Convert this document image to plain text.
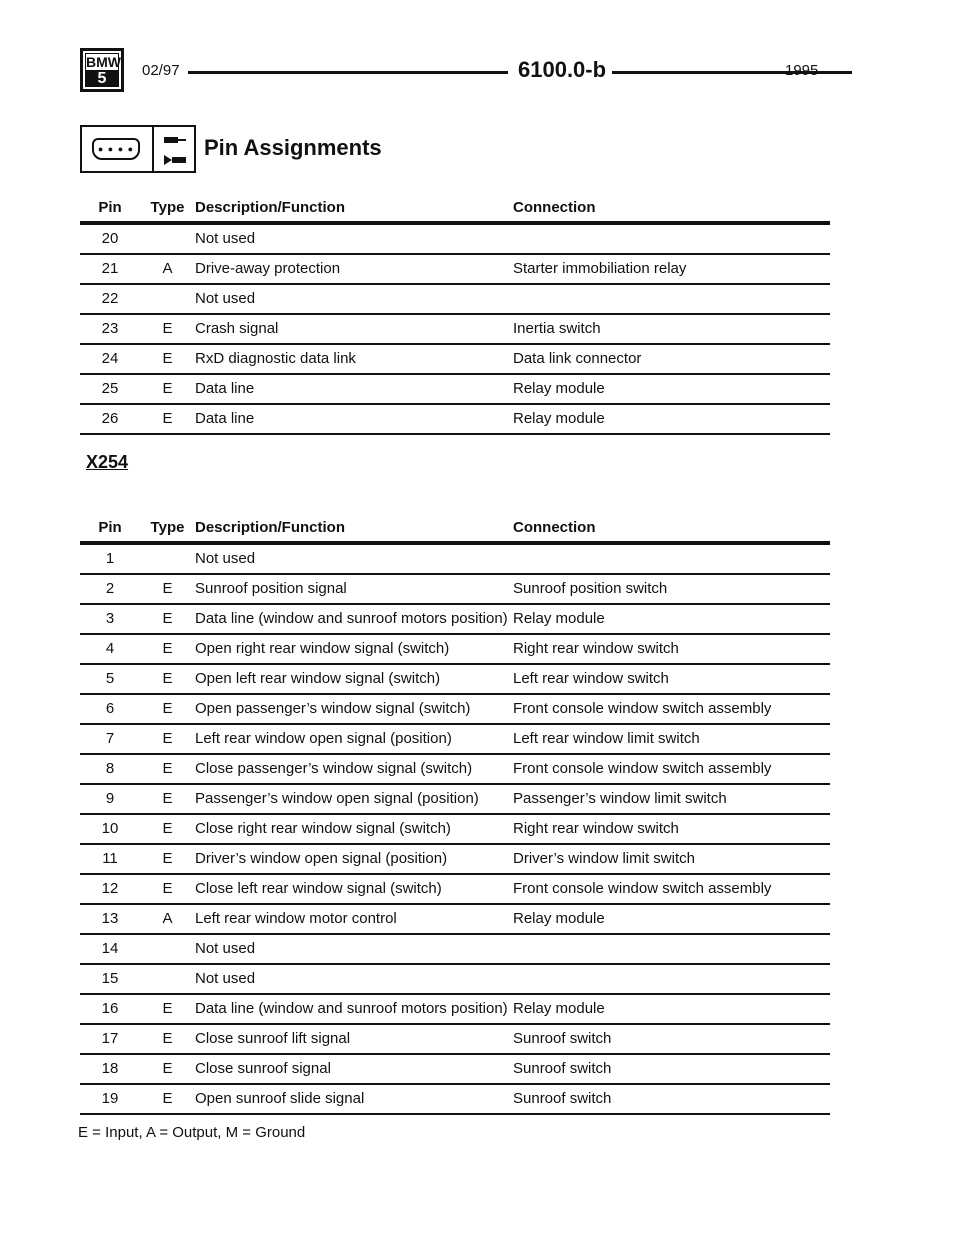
BMW
5	02/97	6100.0-b	1995
● ● ● ●	Pin Assignments
Pin	Type	Description/Function	Connection
20		Not used	
21	A	Drive-away protection	Starter immobiliation relay
22		Not used	
23	E	Crash signal	Inertia switch
24	E	RxD diagnostic data link	Data link connector
25	E	Data line	Relay module
26	E	Data line	Relay module
X254
Pin	Type	Description/Function	Connection
1		Not used	
2	E	Sunroof position signal	Sunroof position switch
3	E	Data line (window and sunroof motors position)	Relay module
4	E	Open right rear window signal (switch)	Right rear window switch
5	E	Open left rear window signal (switch)	Left rear window switch
6	E	Open passenger’s window signal (switch)	Front console window switch assembly
7	E	Left rear window open signal (position)	Left rear window limit switch
8	E	Close passenger’s window signal (switch)	Front console window switch assembly
9	E	Passenger’s window open signal (position)	Passenger’s window limit switch
10	E	Close right rear window signal (switch)	Right rear window switch
11	E	Driver’s window open signal (position)	Driver’s window limit switch
12	E	Close left rear window signal (switch)	Front console window switch assembly
13	A	Left rear window motor control	Relay module
14		Not used	
15		Not used	
16	E	Data line (window and sunroof motors position)	Relay module
17	E	Close sunroof lift signal	Sunroof switch
18	E	Close sunroof signal	Sunroof switch
19	E	Open sunroof slide signal	Sunroof switch
E = Input, A = Output, M = Ground
